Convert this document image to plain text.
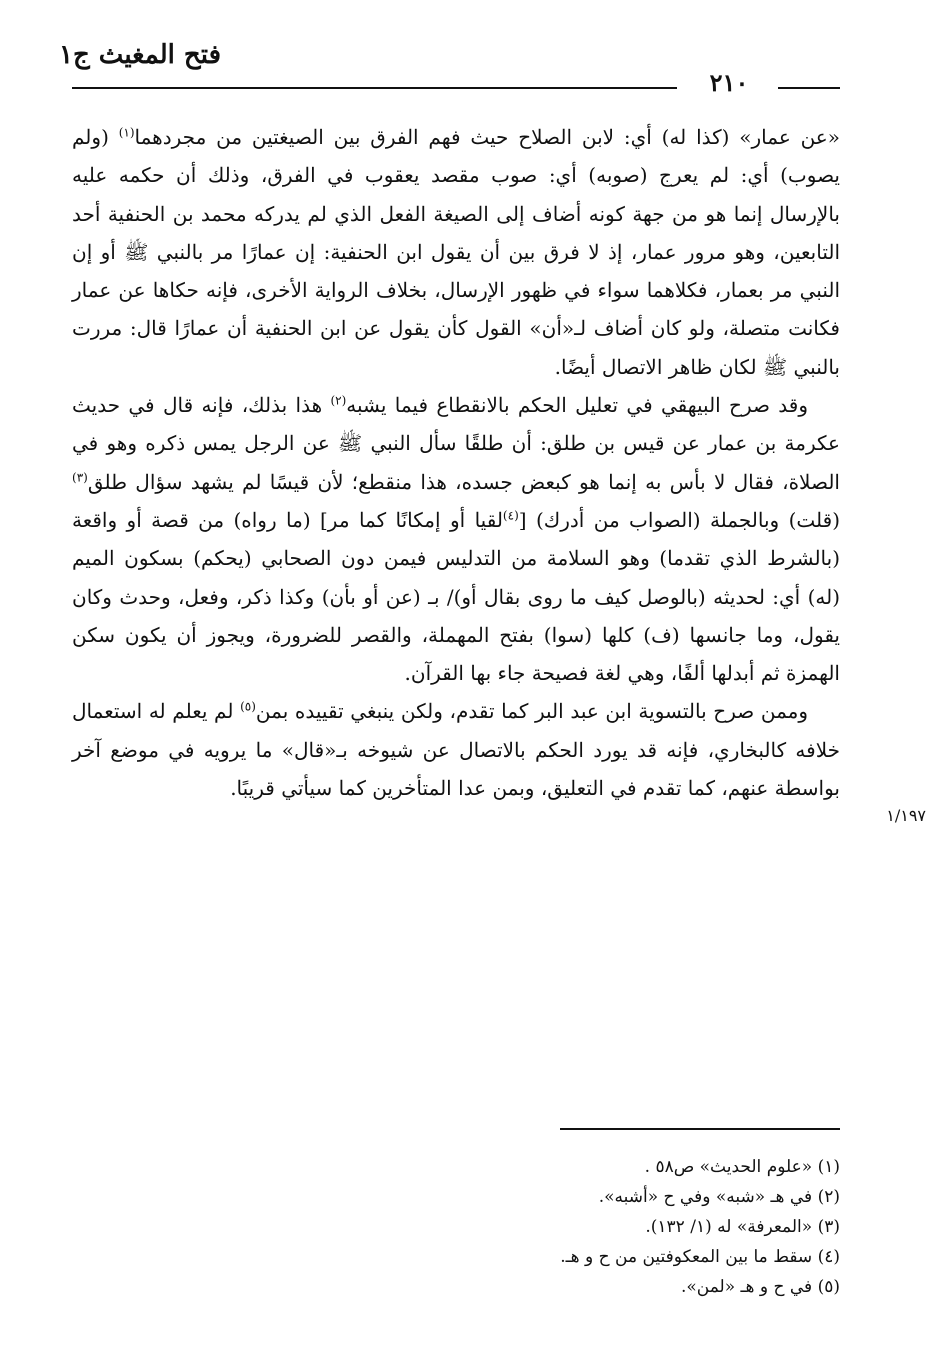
فتح المغيث ج١
٢١٠
١/١٩٧

«عن عمار» (كذا له) أي: لابن الصلاح حيث فهم الفرق بين الصيغتين من مجردهما$^{(١)}$ (ولم يصوب) أي: لم يعرج (صوبه) أي: صوب مقصد يعقوب في الفرق، وذلك أن حكمه عليه بالإرسال إنما هو من جهة كونه أضاف إلى الصيغة الفعل الذي لم يدركه محمد بن الحنفية أحد التابعين، وهو مرور عمار، إذ لا فرق بين أن يقول ابن الحنفية: إن عمارًا مر بالنبي ﷺ أو إن النبي مر بعمار، فكلاهما سواء في ظهور الإرسال، بخلاف الرواية الأخرى، فإنه حكاها عن عمار فكانت متصلة، ولو كان أضاف لـ«أن» القول كأن يقول عن ابن الحنفية أن عمارًا قال: مررت بالنبي ﷺ لكان ظاهر الاتصال أيضًا.

وقد صرح البيهقي في تعليل الحكم بالانقطاع فيما يشبه$^{(٢)}$ هذا بذلك، فإنه قال في حديث عكرمة بن عمار عن قيس بن طلق: أن طلقًا سأل النبي ﷺ عن الرجل يمس ذكره وهو في الصلاة، فقال لا بأس به إنما هو كبعض جسده، هذا منقطع؛ لأن قيسًا لم يشهد سؤال طلق$^{(٣)}$ (قلت) وبالجملة (الصواب من أدرك) [$^{(٤)}$لقيا أو إمكانًا كما مر] (ما رواه) من قصة أو واقعة (بالشرط الذي تقدما) وهو السلامة من التدليس فيمن دون الصحابي (يحكم) بسكون الميم (له) أي: لحديثه (بالوصل كيف ما روى بقال أو)/ بـ (عن أو بأن) وكذا ذكر، وفعل، وحدث وكان يقول، وما جانسها (ف) كلها (سوا) بفتح المهملة، والقصر للضرورة، ويجوز أن يكون سكن الهمزة ثم أبدلها ألفًا، وهي لغة فصيحة جاء بها القرآن.

وممن صرح بالتسوية ابن عبد البر كما تقدم، ولكن ينبغي تقييده بمن$^{(٥)}$ لم يعلم له استعمال خلافه كالبخاري، فإنه قد يورد الحكم بالاتصال عن شيوخه بـ«قال» ما يرويه في موضع آخر بواسطة عنهم، كما تقدم في التعليق، وبمن عدا المتأخرين كما سيأتي قريبًا.

(١) «علوم الحديث» ص٥٨ .

(٢) في هـ «شبه» وفي ح «أشبه».

(٣) «المعرفة» له (١/ ١٣٢).

(٤) سقط ما بين المعكوفتين من ح و هـ.

(٥) في ح و هـ «لمن».
